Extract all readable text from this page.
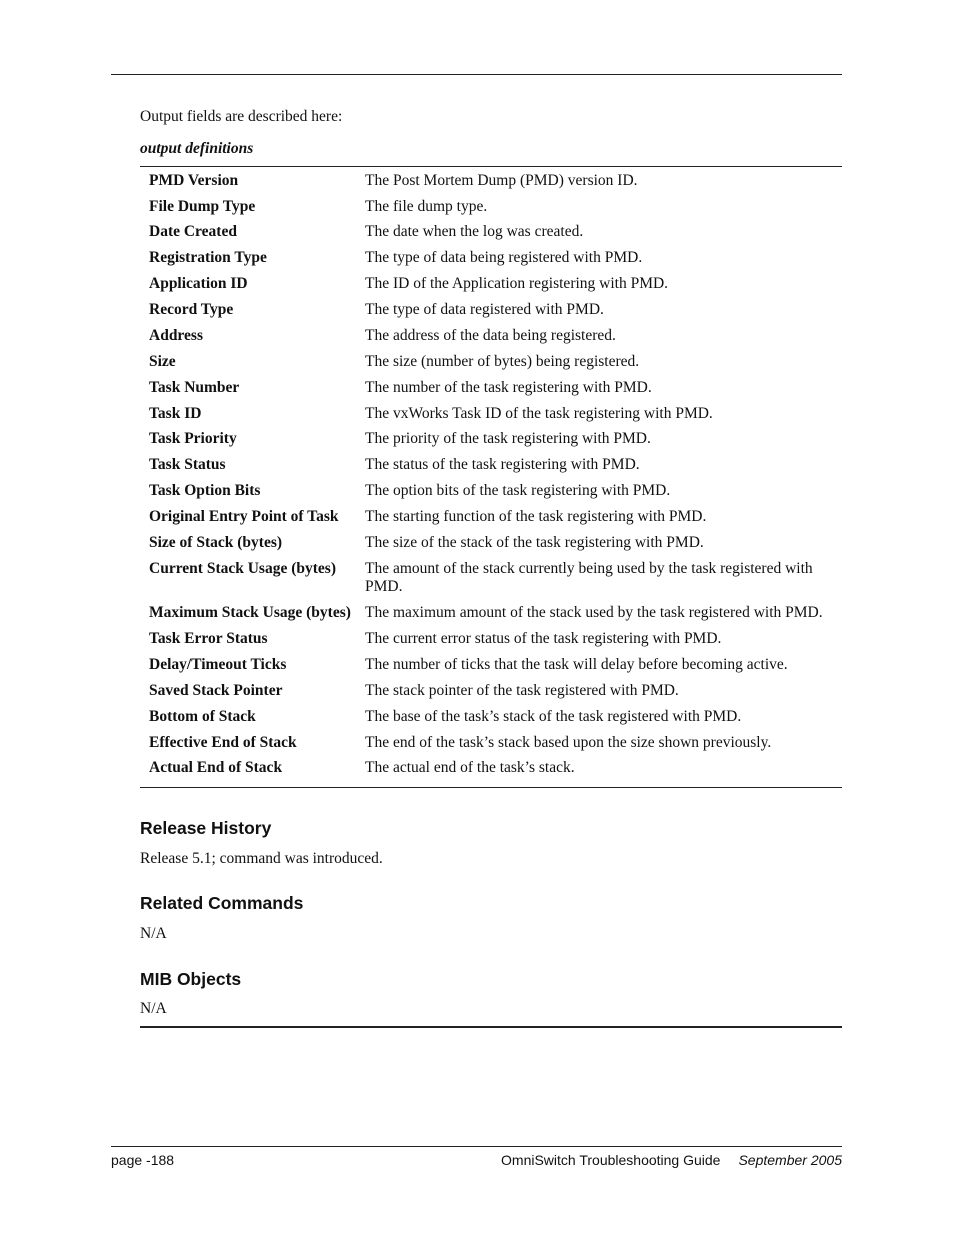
Output fields are described here:
output definitions
PMD Version	The Post Mortem Dump (PMD) version ID.
File Dump Type	The file dump type.
Date Created	The date when the log was created.
Registration Type	The type of data being registered with PMD.
Application ID	The ID of the Application registering with PMD.
Record Type	The type of data registered with PMD.
Address	The address of the data being registered.
Size	The size (number of bytes) being registered.
Task Number	The number of the task registering with PMD.
Task ID	The vxWorks Task ID of the task registering with PMD.
Task Priority	The priority of the task registering with PMD.
Task Status	The status of the task registering with PMD.
Task Option Bits	The option bits of the task registering with PMD.
Original Entry Point of Task	The starting function of the task registering with PMD.
Size of Stack (bytes)	The size of the stack of the task registering with PMD.
Current Stack Usage (bytes)	The amount of the stack currently being used by the task registered with PMD.
Maximum Stack Usage (bytes) The maximum amount of the stack used by the task registered with PMD.
Task Error Status	The current error status of the task registering with PMD.
Delay/Timeout Ticks	The number of ticks that the task will delay before becoming active.
Saved Stack Pointer	The stack pointer of the task registered with PMD.
Bottom of Stack	The base of the task’s stack of the task registered with PMD.
Effective End of Stack	The end of the task’s stack based upon the size shown previously.
Actual End of Stack	The actual end of the task’s stack.
Release History
Release 5.1; command was introduced.
Related Commands
N/A
MIB Objects
N/A
page -188	OmniSwitch Troubleshooting Guide September 2005
